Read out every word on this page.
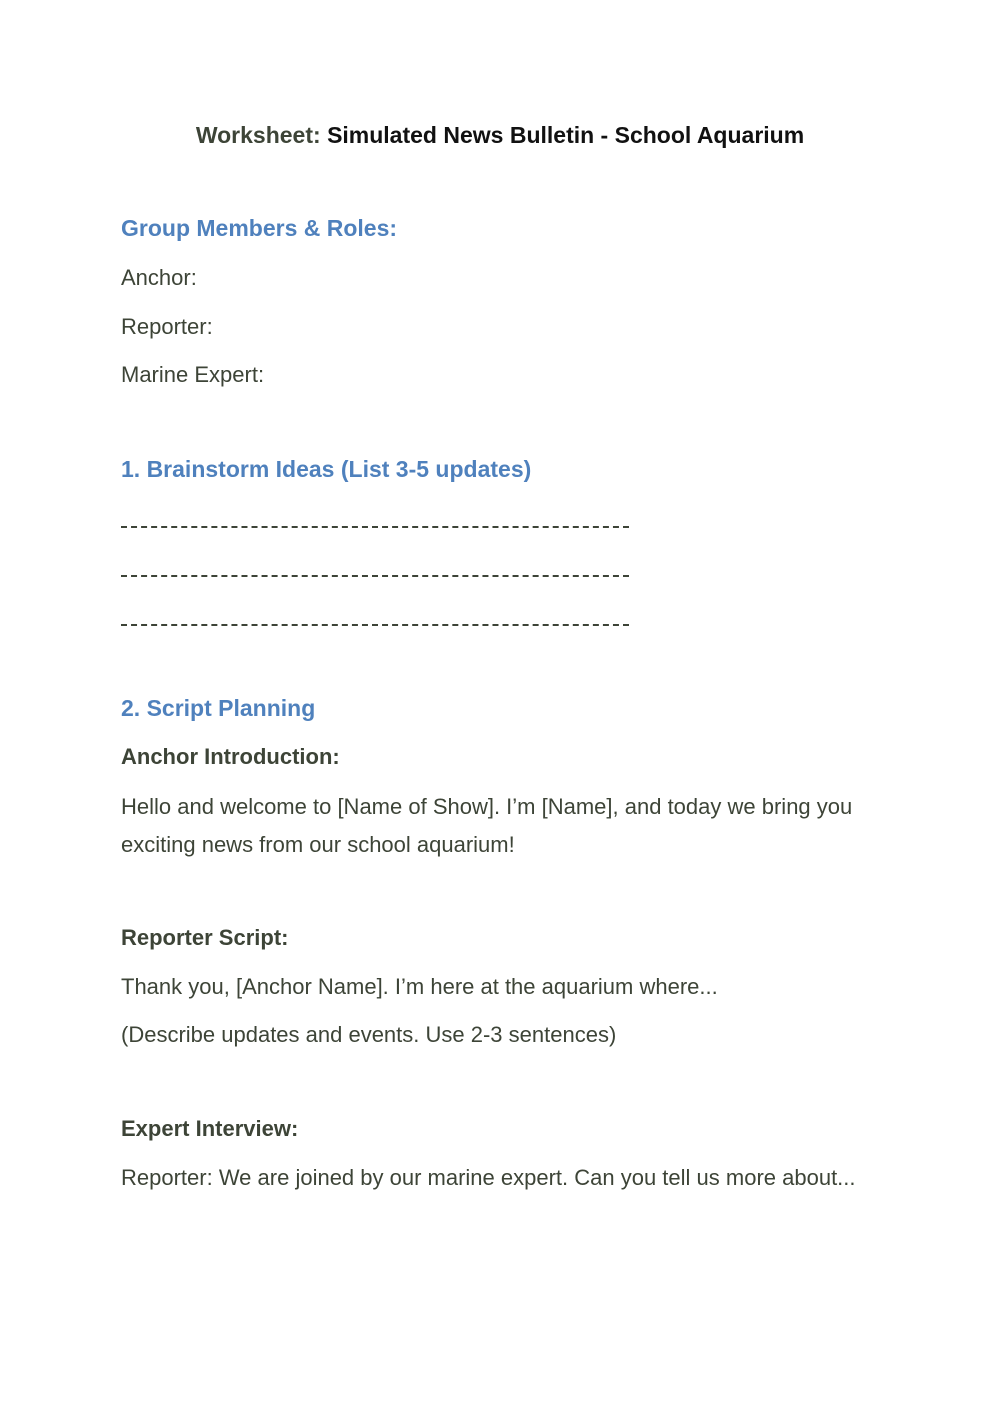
Worksheet: Simulated News Bulletin - School Aquarium
Group Members & Roles:
Anchor:
Reporter:
Marine Expert:
1. Brainstorm Ideas (List 3-5 updates)
2. Script Planning
Anchor Introduction:
Hello and welcome to [Name of Show]. I’m [Name], and today we bring you exciting news from our school aquarium!
Reporter Script:
Thank you, [Anchor Name]. I’m here at the aquarium where...
(Describe updates and events. Use 2-3 sentences)
Expert Interview:
Reporter: We are joined by our marine expert. Can you tell us more about...
